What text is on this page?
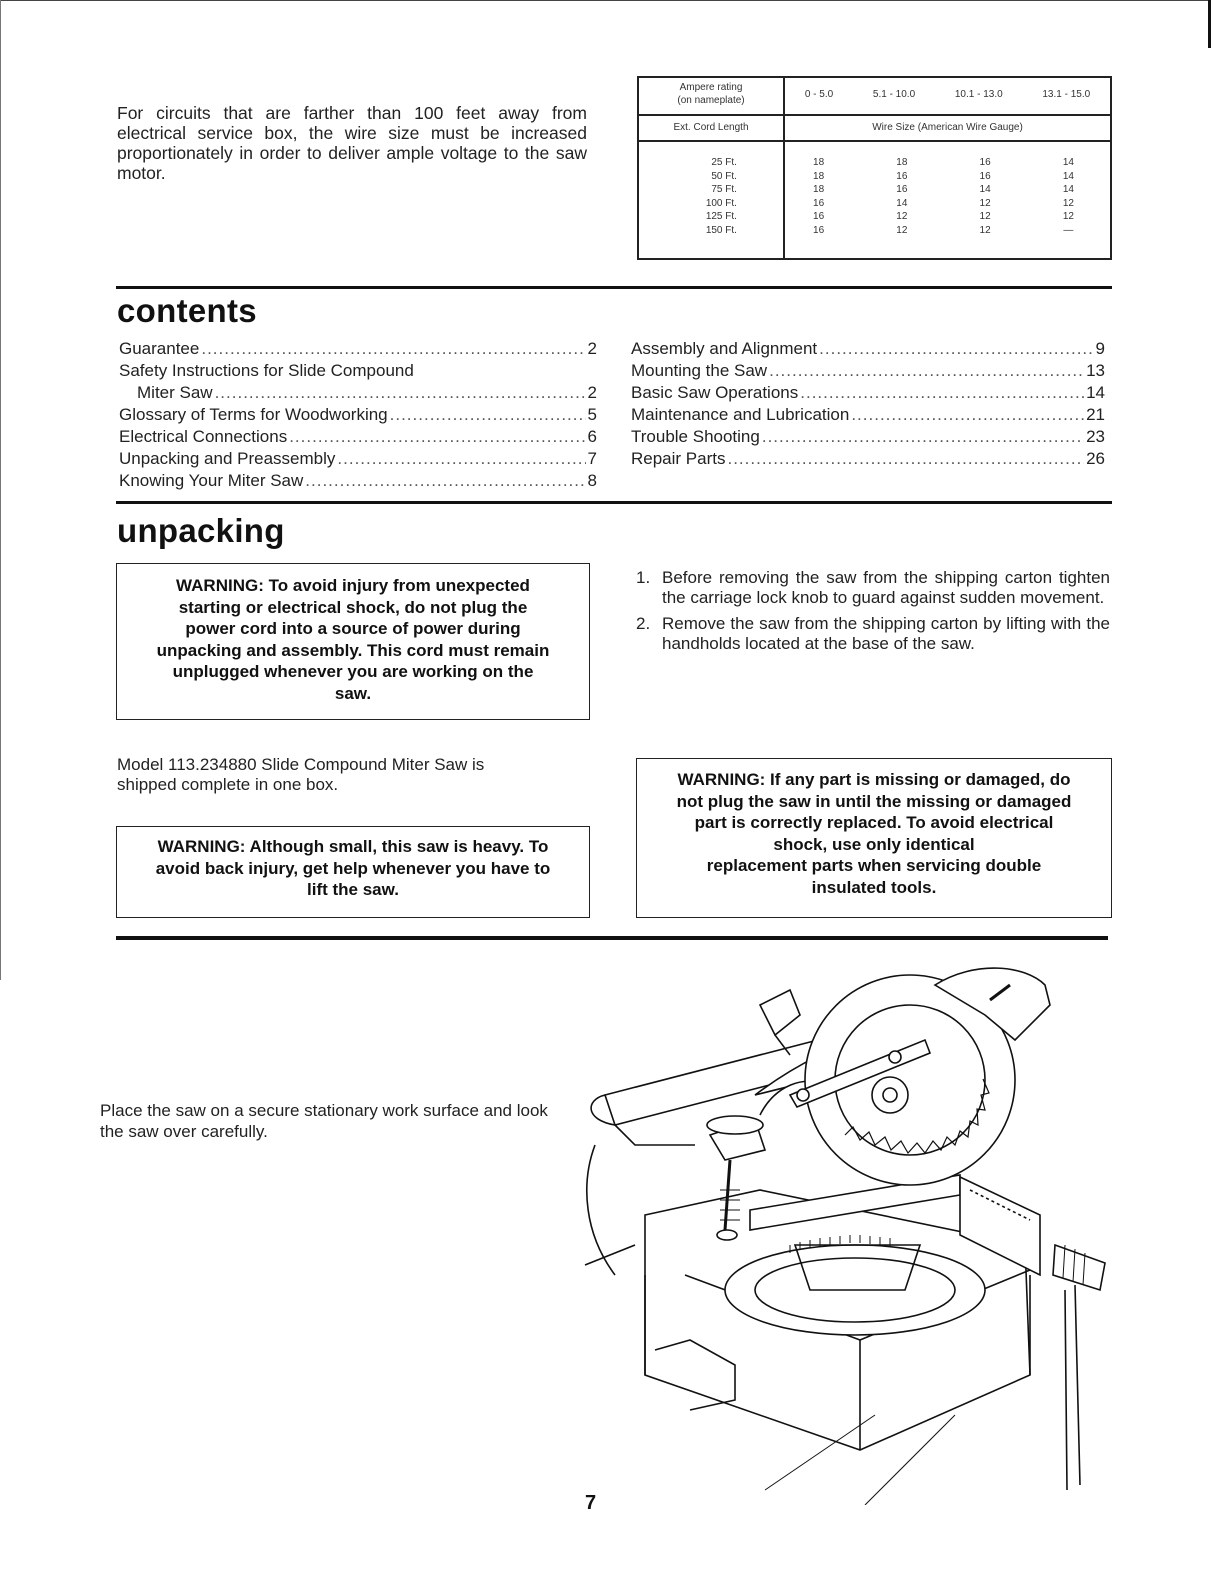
For circuits that are farther than 100 feet away from electrical service box, the wire size must be increased proportionately in order to deliver ample voltage to the saw motor.
Ampere rating
(on nameplate)
0 - 5.0	5.1 - 10.0	10.1 - 13.0	13.1 - 15.0
Ext. Cord Length	Wire Size (American Wire Gauge)
25 Ft.	18	18	16	14
50 Ft.	18	16	16	14
75 Ft.	18	16	14	14
100 Ft.	16	14	12	12
125 Ft.	16	12	12	12
150 Ft.	16	12	12	—
contents
Guarantee .....	2
Safety Instructions for Slide Compound
Miter Saw .....	2
Glossary of Terms for Woodworking .....	5
Electrical Connections .....	6
Unpacking and Preassembly .....	7
Knowing Your Miter Saw .....	8
Assembly and Alignment .....	9
Mounting the Saw .....	13
Basic Saw Operations .....	14
Maintenance and Lubrication .....	21
Trouble Shooting .....	23
Repair Parts .....	26
unpacking
WARNING: To avoid injury from unexpected
starting or electrical shock, do not plug the
power cord into a source of power during
unpacking and assembly. This cord must remain
unplugged whenever you are working on the
saw.
1. Before removing the saw from the shipping carton tighten the carriage lock knob to guard against sudden movement.
2. Remove the saw from the shipping carton by lifting with the handholds located at the base of the saw.
Model 113.234880 Slide Compound Miter Saw is shipped complete in one box.
WARNING: Although small, this saw is heavy. To
avoid back injury, get help whenever you have to
lift the saw.
WARNING: If any part is missing or damaged, do
not plug the saw in until the missing or damaged
part is correctly replaced. To avoid electrical
shock, use only identical
replacement parts when servicing double
insulated tools.
Place the saw on a secure stationary work surface and look the saw over carefully.
7
